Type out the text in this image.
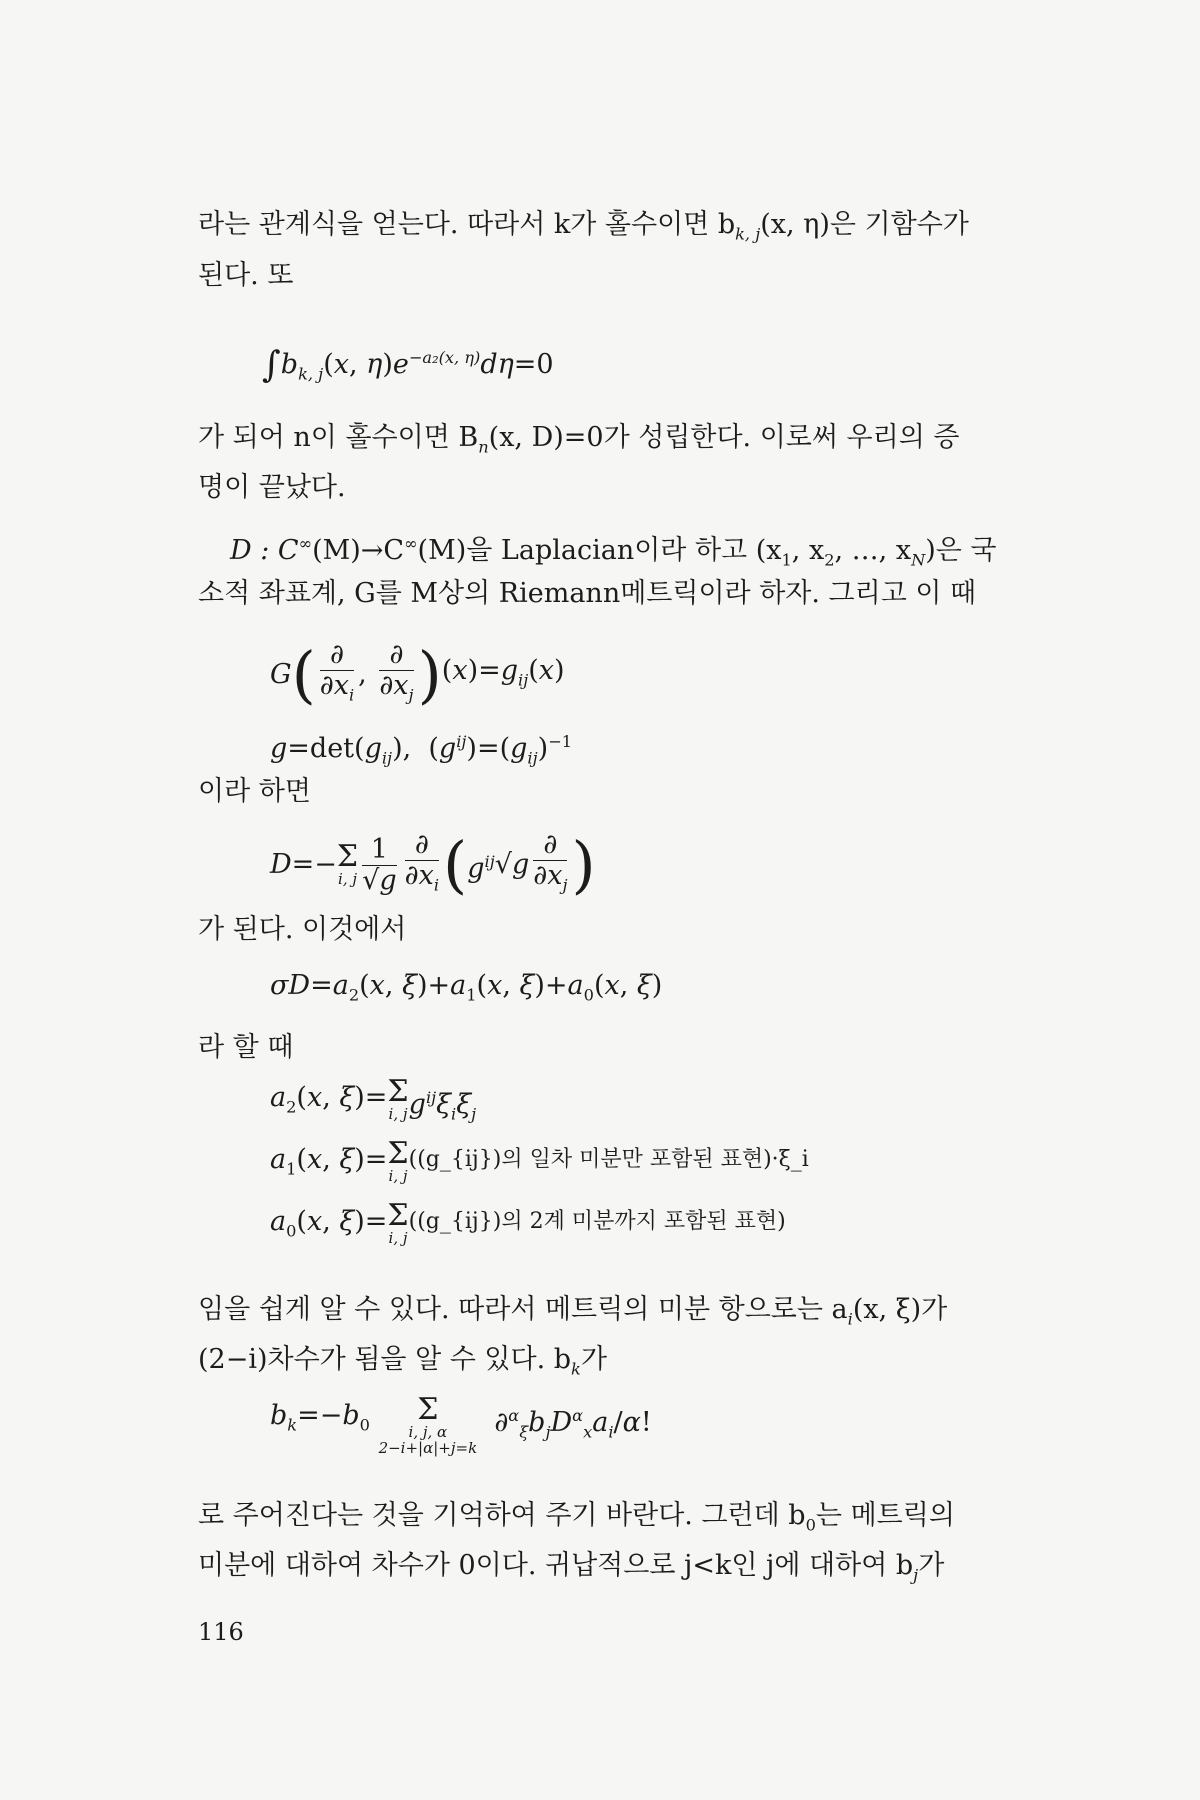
라는 관계식을 얻는다. 따라서 k가 홀수이면 $b_{k, j}(x$, η)은 기함수가
된다. 또
$\int b_{k, j}(x$, $\eta)e^{-a_2(x, \eta)}d\eta=0$
가 되어 n이 홀수이면 $B_n(x$, D)=0가 성립한다. 이로써 우리의 증
명이 끝났다.
D : C∞(M)→C∞(M)을 Laplacian이라 하고 ($x_1$, $x_2$, …, $x_N$)은 국
소적 좌표계, G를 M상의 Riemann메트릭이라 하자. 그리고 이 때
$G( \frac{\partial}{\partial x_i}$ , $\frac{\partial}{\partial x_j} )(x)=g_{ij}(x)$
$g=\det(g_{ij})$,  $(g^{ij})=(g_{ij})^{-1}$
이라 하면
D=− Σ
i, j $\frac{1}{√g} \frac{\partial}{\partial x_i} (g^{ij}√g \frac{\partial}{\partial x_j}$ )
가 된다. 이것에서
$\sigma D=a_2(x$, $\xi)+a_1(x$, $\xi)+a_0(x$, ξ)
라 할 때
$a_2(x$, ξ)= Σ
i, j $g^{ij}\xi_i\xi_j$
$a_1(x$, ξ)= Σ
i, j
$^{((g\_\{ij\})의 일차 미분만 포함된 표현)\cdot\xi\_i}$
$a_0(x$, ξ)= Σ
i, j
$^{((g\_\{ij\})의 2계 미분까지 포함된 표현)}$
임을 쉽게 알 수 있다. 따라서 메트릭의 미분 항으로는 $a_i(x$, ξ)가
(2−i)차수가 됨을 알 수 있다. $b_k$가
$b_k=-b_0$	Σ
i, j, α
2−i+|α|+j=k
$\partial^\alpha_\xi b_jD^\alpha_xa_i/\alpha$!
로 주어진다는 것을 기억하여 주기 바란다. 그런데 $b_0$는 메트릭의
미분에 대하여 차수가 0이다. 귀납적으로 j<k인 j에 대하여 $b_j$가
116
